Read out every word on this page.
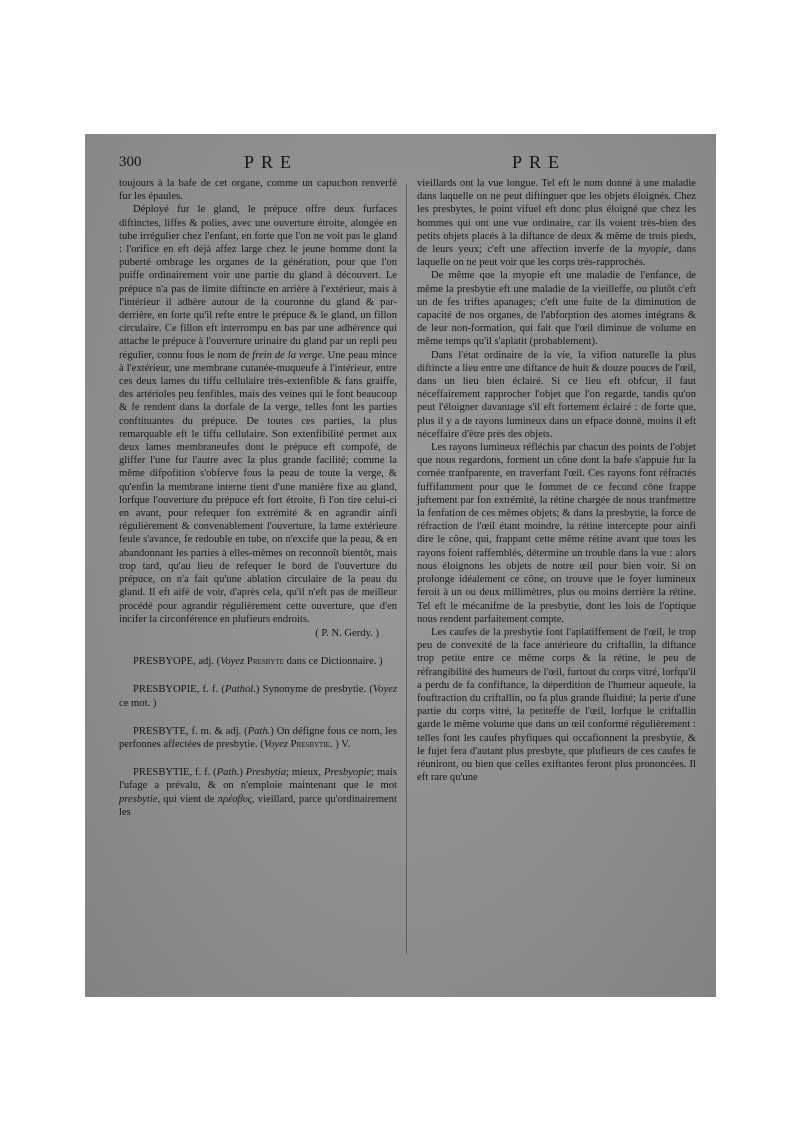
300	PRE	PRE

toujours à la bafe de cet organe, comme un capuchon renverfé fur les épaules.

Déployé fur le gland, le prépuce offre deux furfaces diftinctes, liffes & polies, avec une ouverture étroite, alongée en tube irrégulier chez l'enfant, en forte que l'on ne voit pas le gland : l'orifice en eft déjà affez large chez le jeune homme dont la puberté ombrage les organes de la génération, pour que l'on puiffe ordinairement voir une partie du gland à découvert. Le prépuce n'a pas de limite diftincte en arrière à l'extérieur, mais à l'intérieur il adhère autour de la couronne du gland & par-derrière, en forte qu'il refte entre le prépuce & le gland, un fillon circulaire. Ce fillon eft interrompu en bas par une adhérence qui attache le prépuce à l'ouverture urinaire du gland par un repli peu régulier, connu fous le nom de frein de la verge. Une peau mince à l'extérieur, une membrane cutanée-muqueufe à l'intérieur, entre ces deux lames du tiffu cellulaire très-extenfible & fans graiffe, des artérioles peu fenfibles, mais des veines qui le font beaucoup & fe rendent dans la dorfale de la verge, telles font les parties conftituantes du prépuce. De toutes ces parties, la plus remarquable eft le tiffu cellulaire. Son extenfibilité permet aux deux lames membraneufes dont le prépuce eft compofé, de gliffer l'une fur l'autre avec la plus grande facilité; comme la même difpofition s'obferve fous la peau de toute la verge, & qu'enfin la membrane interne tient d'une manière fixe au gland, lorfque l'ouverture du prépuce eft fort étroite, fi l'on tire celui-ci en avant, pour refequer fon extrémité & en agrandir ainfi régulièrement & convenablement l'ouverture, la lame extérieure feule s'avance, fe redouble en tube, on n'excife que la peau, & en abandonnant les parties à elles-mêmes on reconnoît bientôt, mais trop tard, qu'au lieu de refequer le bord de l'ouverture du prépuce, on n'a fait qu'une ablation circulaire de la peau du gland. Il eft aifé de voir, d'après cela, qu'il n'eft pas de meilleur procédé pour agrandir régulièrement cette ouverture, que d'en incifer la circonférence en plufieurs endroits.

( P. N. Gerdy. )

PRESBYOPE, adj. (Voyez Presbyte dans ce Dictionnaire. )

PRESBYOPIE, f. f. (Pathol.) Synonyme de presbytie. (Voyez ce mot. )

PRESBYTE, f. m. & adj. (Path.) On défigne fous ce nom, les perfonnes affectées de presbytie. (Voyez Presbytie. ) V.

PRESBYTIE, f. f. (Path.) Presbytia; mieux, Presbyopie; mais l'ufage a prévalu, & on n'emploie maintenant que le mot presbytie, qui vient de πρέσβυς, vieillard, parce qu'ordinairement les

vieillards ont la vue longue. Tel eft le nom donné à une maladie dans laquelle on ne peut diftinguer que les objets éloignés. Chez les presbytes, le point vifuel eft donc plus éloigné que chez les hommes qui ont une vue ordinaire, car ils voient très-bien des petits objets placés à la diftance de deux & même de trois pieds, de leurs yeux; c'eft une affection inverfe de la myopie, dans laquelle on ne peut voir que les corps très-rapprochés.

De même que la myopie eft une maladie de l'enfance, de même la presbytie eft une maladie de la vieilleffe, ou plutôt c'eft un de fes triftes apanages; c'eft une fuite de la diminution de capacité de nos organes, de l'abforption des atomes intégrans & de leur non-formation, qui fait que l'œil diminue de volume en même temps qu'il s'aplatit (probablement).

Dans l'état ordinaire de la vie, la vifion naturelle la plus diftincte a lieu entre une diftance de huit & douze pouces de l'œil, dans un lieu bien éclairé. Si ce lieu eft obfcur, il faut néceffairement rapprocher l'objet que l'on regarde, tandis qu'on peut l'éloigner davantage s'il eft fortement éclairé : de forte que, plus il y a de rayons lumineux dans un efpace donné, moins il eft néceffaire d'être près des objets.

Les rayons lumineux réfléchis par chacun des points de l'objet que nous regardons, forment un cône dont la bafe s'appuie fur la cornée tranfparente, en traverfant l'œil. Ces rayons font réfractés fuffifamment pour que le fommet de ce fecond cône frappe juftement par fon extrémité, la rétine chargée de nous tranfmettre la fenfation de ces mêmes objets; & dans la presbytie, la force de réfraction de l'œil étant moindre, la rétine intercepte pour ainfi dire le cône, qui, frappant cette même rétine avant que tous les rayons foient raffemblés, détermine un trouble dans la vue : alors nous éloignons les objets de notre œil pour bien voir. Si on prolonge idéalement ce cône, on trouve que le foyer lumineux feroit à un ou deux millimètres, plus ou moins derrière la rétine. Tel eft le mécanifme de la presbytie, dont les lois de l'optique nous rendent parfaitement compte.

Les caufes de la presbytie font l'aplatiffement de l'œil, le trop peu de convexité de la face antérieure du criftallin, la diftance trop petite entre ce même corps & la rétine, le peu de réfrangibilité des humeurs de l'œil, furtout du corps vitré, lorfqu'il a perdu de fa confiftance, la déperdition de l'humeur aqueufe, la fouftraction du criftallin, ou fa plus grande fluidité; la perte d'une partie du corps vitré, la petiteffe de l'œil, lorfque le criftallin garde le même volume que dans un œil conformé régulièrement : telles font les caufes phyfiques qui occafionnent la presbytie, & le fujet fera d'autant plus presbyte, que plufieurs de ces caufes fe réuniront, ou bien que celles exiftantes feront plus prononcées. Il eft rare qu'une
